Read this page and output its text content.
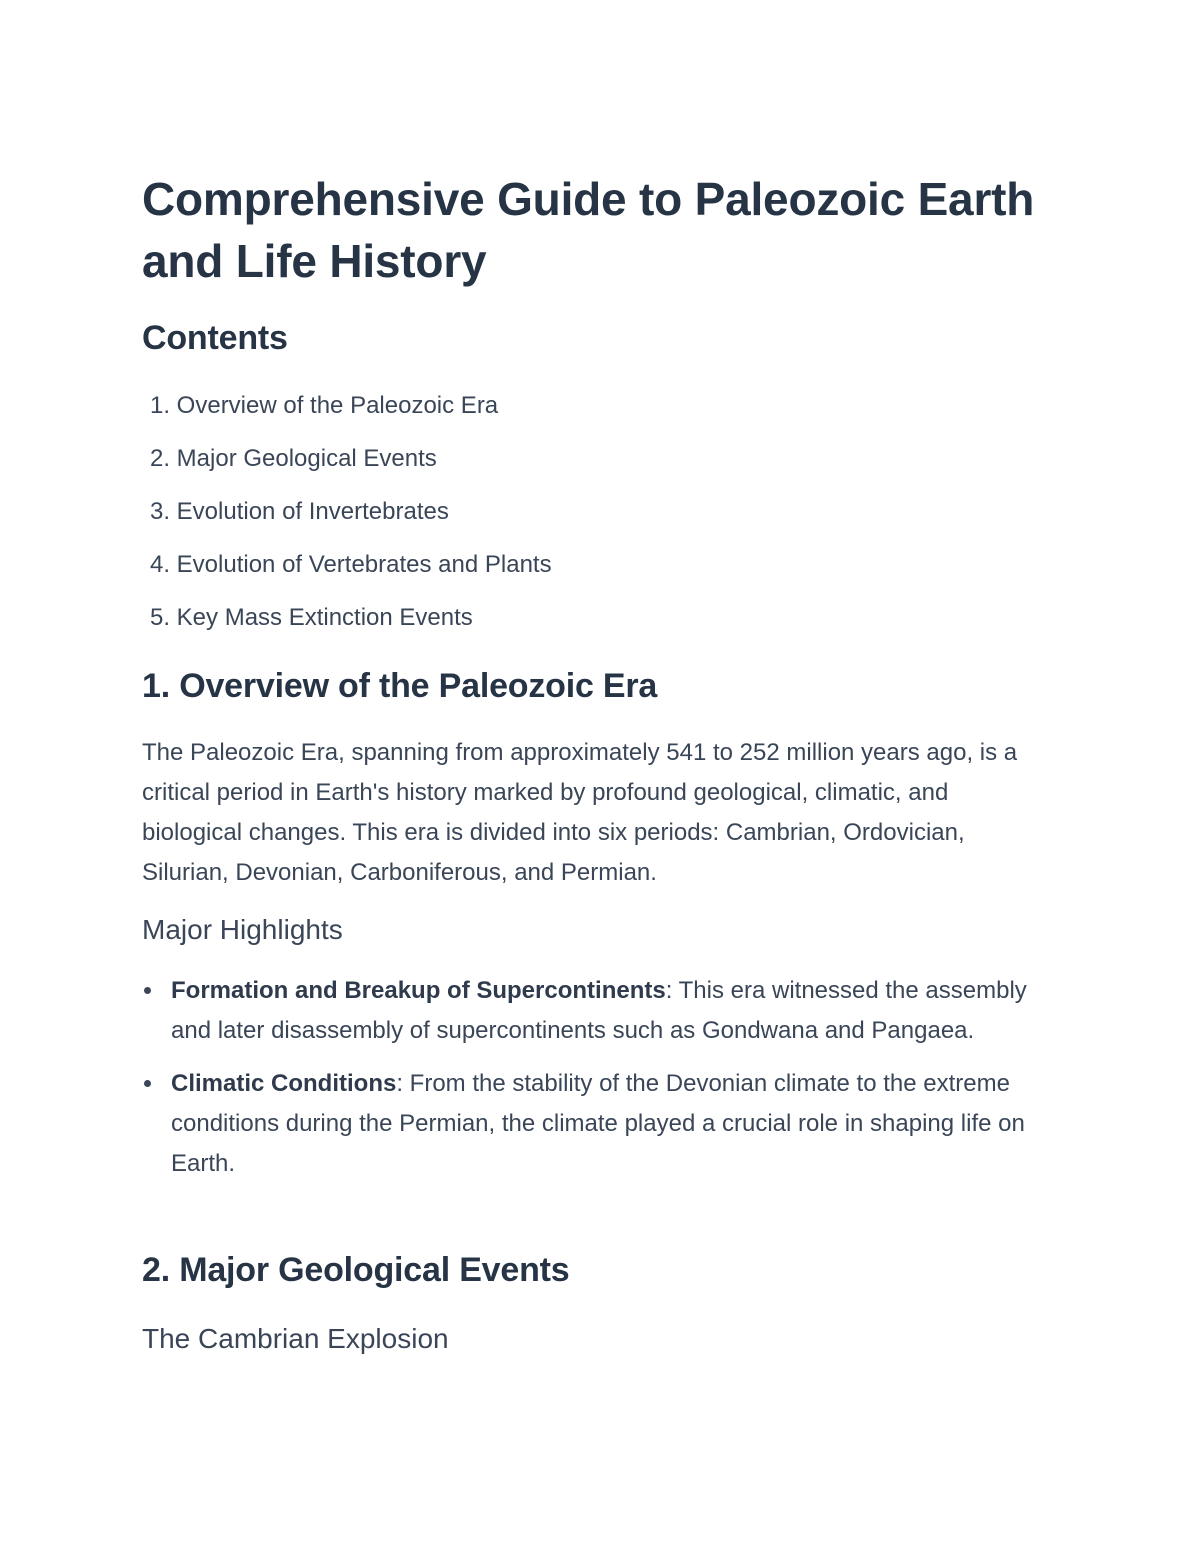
Comprehensive Guide to Paleozoic Earth and Life History
Contents
1. Overview of the Paleozoic Era
2. Major Geological Events
3. Evolution of Invertebrates
4. Evolution of Vertebrates and Plants
5. Key Mass Extinction Events
1. Overview of the Paleozoic Era

The Paleozoic Era, spanning from approximately 541 to 252 million years ago, is a critical period in Earth's history marked by profound geological, climatic, and biological changes. This era is divided into six periods: Cambrian, Ordovician, Silurian, Devonian, Carboniferous, and Permian.

Major Highlights
Formation and Breakup of Supercontinents: This era witnessed the assembly and later disassembly of supercontinents such as Gondwana and Pangaea.
Climatic Conditions: From the stability of the Devonian climate to the extreme conditions during the Permian, the climate played a crucial role in shaping life on Earth.
2. Major Geological Events
The Cambrian Explosion
